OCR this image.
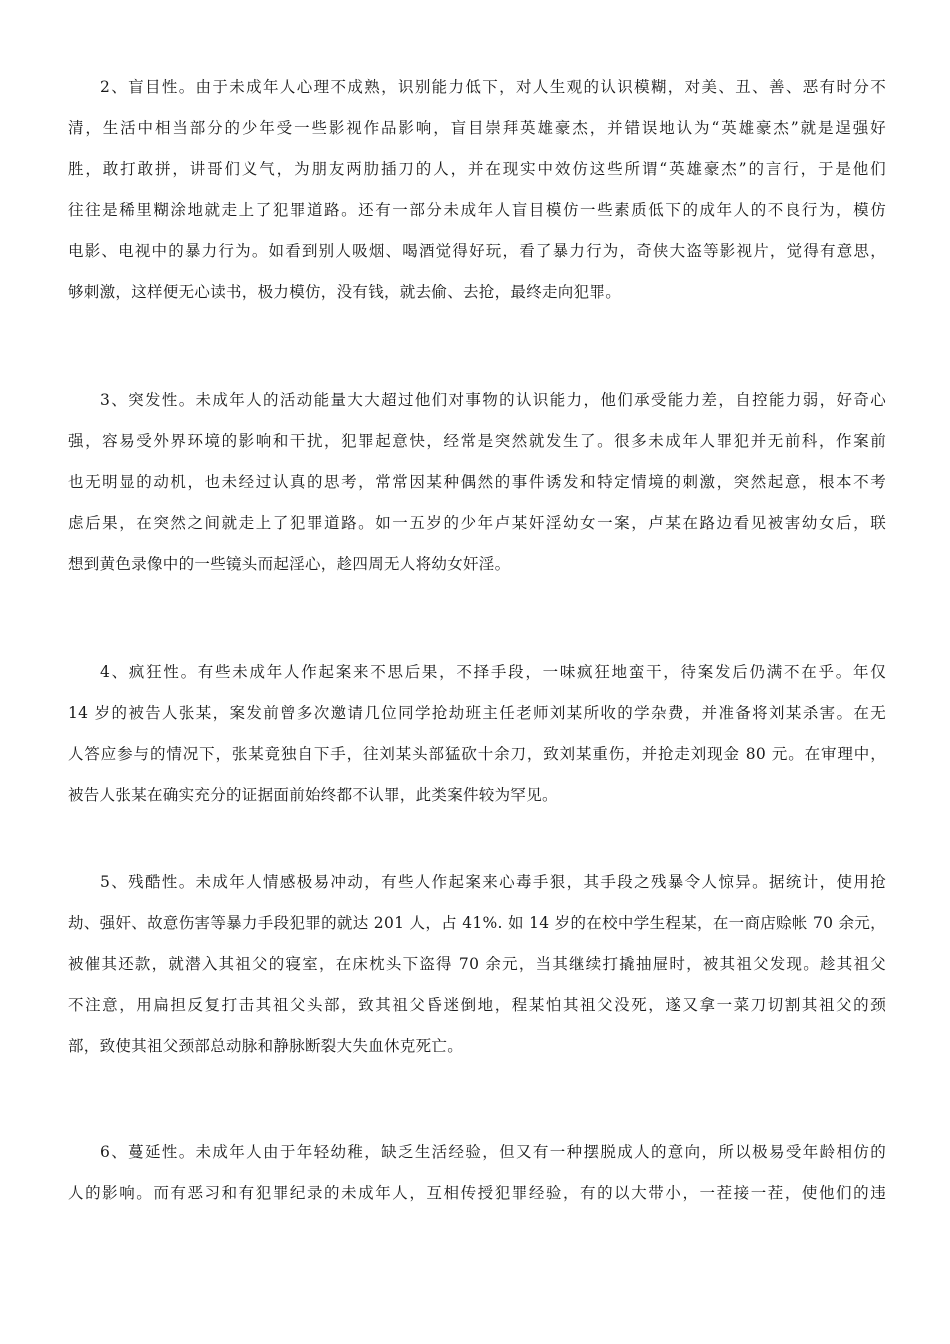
2、盲目性。由于未成年人心理不成熟，识别能力低下，对人生观的认识模糊，对美、丑、善、恶有时分不
清，生活中相当部分的少年受一些影视作品影响，盲目崇拜英雄豪杰，并错误地认为“英雄豪杰”就是逞强好
胜，敢打敢拼，讲哥们义气，为朋友两肋插刀的人，并在现实中效仿这些所谓“英雄豪杰”的言行，于是他们
往往是稀里糊涂地就走上了犯罪道路。还有一部分未成年人盲目模仿一些素质低下的成年人的不良行为，模仿
电影、电视中的暴力行为。如看到别人吸烟、喝酒觉得好玩，看了暴力行为，奇侠大盗等影视片，觉得有意思，
够刺激，这样便无心读书，极力模仿，没有钱，就去偷、去抢，最终走向犯罪。
3、突发性。未成年人的活动能量大大超过他们对事物的认识能力，他们承受能力差，自控能力弱，好奇心
强，容易受外界环境的影响和干扰，犯罪起意快，经常是突然就发生了。很多未成年人罪犯并无前科，作案前
也无明显的动机，也未经过认真的思考，常常因某种偶然的事件诱发和特定情境的刺激，突然起意，根本不考
虑后果，在突然之间就走上了犯罪道路。如一五岁的少年卢某奸淫幼女一案，卢某在路边看见被害幼女后，联
想到黄色录像中的一些镜头而起淫心，趁四周无人将幼女奸淫。
4、疯狂性。有些未成年人作起案来不思后果，不择手段，一味疯狂地蛮干，待案发后仍满不在乎。年仅
14 岁的被告人张某，案发前曾多次邀请几位同学抢劫班主任老师刘某所收的学杂费，并准备将刘某杀害。在无
人答应参与的情况下，张某竟独自下手，往刘某头部猛砍十余刀，致刘某重伤，并抢走刘现金 80 元。在审理中，
被告人张某在确实充分的证据面前始终都不认罪，此类案件较为罕见。
5、残酷性。未成年人情感极易冲动，有些人作起案来心毒手狠，其手段之残暴令人惊异。据统计，使用抢
劫、强奸、故意伤害等暴力手段犯罪的就达 201 人，占 41%. 如 14 岁的在校中学生程某，在一商店赊帐 70 余元，
被催其还款，就潜入其祖父的寝室，在床枕头下盗得 70 余元，当其继续打撬抽屉时，被其祖父发现。趁其祖父
不注意，用扁担反复打击其祖父头部，致其祖父昏迷倒地，程某怕其祖父没死，遂又拿一菜刀切割其祖父的颈
部，致使其祖父颈部总动脉和静脉断裂大失血休克死亡。
6、蔓延性。未成年人由于年轻幼稚，缺乏生活经验，但又有一种摆脱成人的意向，所以极易受年龄相仿的
人的影响。而有恶习和有犯罪纪录的未成年人，互相传授犯罪经验，有的以大带小，一茬接一茬，使他们的违
